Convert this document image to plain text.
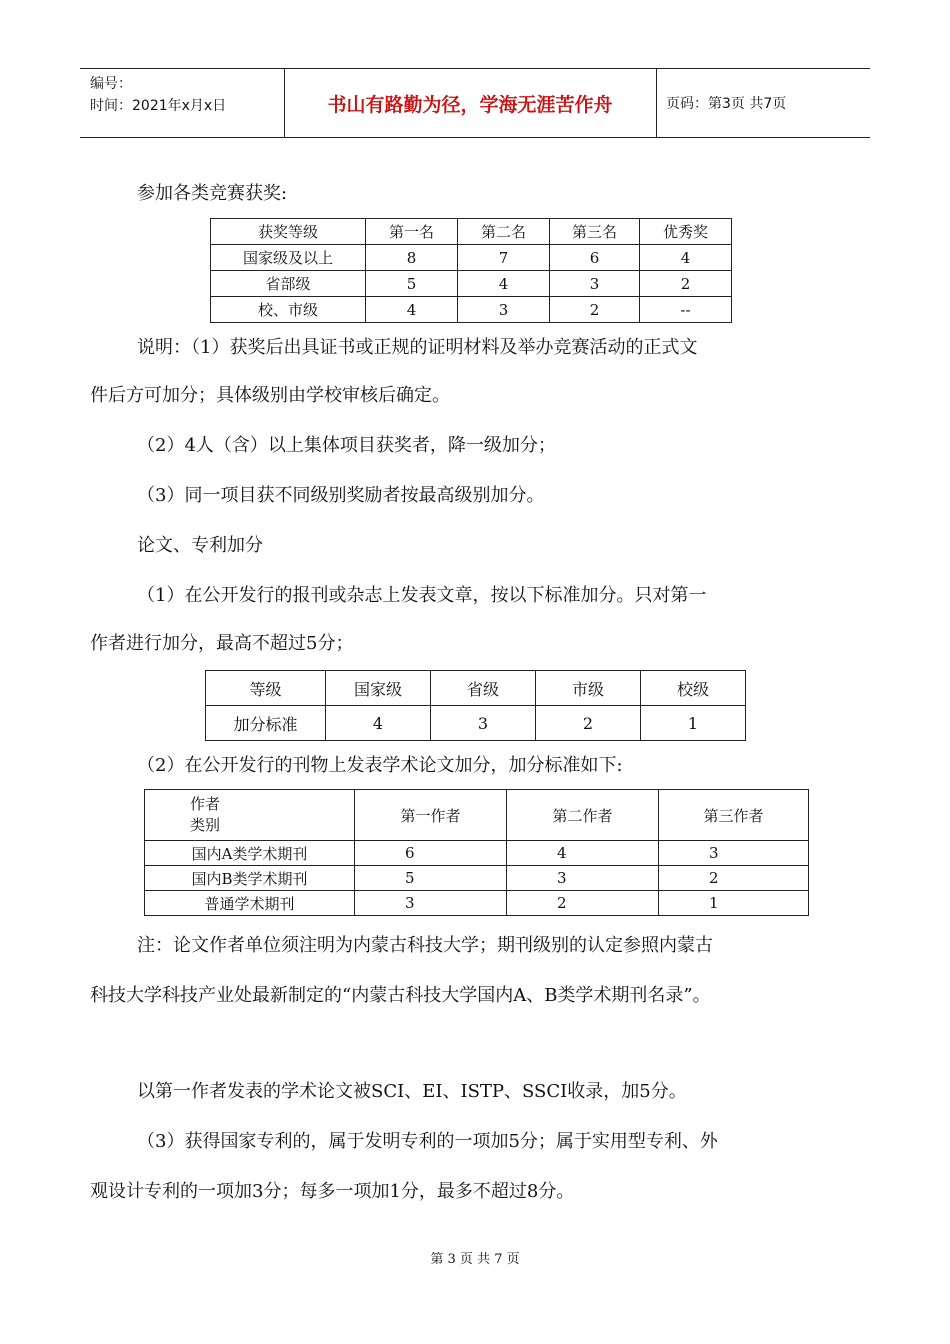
编号：
时间：2021年x月x日	书山有路勤为径，学海无涯苦作舟	页码：第3页 共7页
参加各类竞赛获奖:
获奖等级	第一名	第二名	第三名	优秀奖
国家级及以上	8	7	6	4
省部级	5	4	3	2
校、市级	4	3	2	--
说明：（1）获奖后出具证书或正规的证明材料及举办竞赛活动的正式文
件后方可加分；具体级别由学校审核后确定。
（2）4人（含）以上集体项目获奖者，降一级加分；
（3）同一项目获不同级别奖励者按最高级别加分。
论文、专利加分
（1）在公开发行的报刊或杂志上发表文章，按以下标准加分。只对第一
作者进行加分，最高不超过5分；
等级	国家级	省级	市级	校级
加分标准	4	3	2	1
（2）在公开发行的刊物上发表学术论文加分，加分标准如下:
作者
类别	第一作者	第二作者	第三作者
国内A类学术期刊	6	4	3
国内B类学术期刊	5	3	2
普通学术期刊	3	2	1
注：论文作者单位须注明为内蒙古科技大学；期刊级别的认定参照内蒙古
科技大学科技产业处最新制定的“内蒙古科技大学国内A、B类学术期刊名录”。
以第一作者发表的学术论文被SCI、EI、ISTP、SSCI收录，加5分。
（3）获得国家专利的，属于发明专利的一项加5分；属于实用型专利、外
观设计专利的一项加3分；每多一项加1分，最多不超过8分。
第 3 页 共 7 页
